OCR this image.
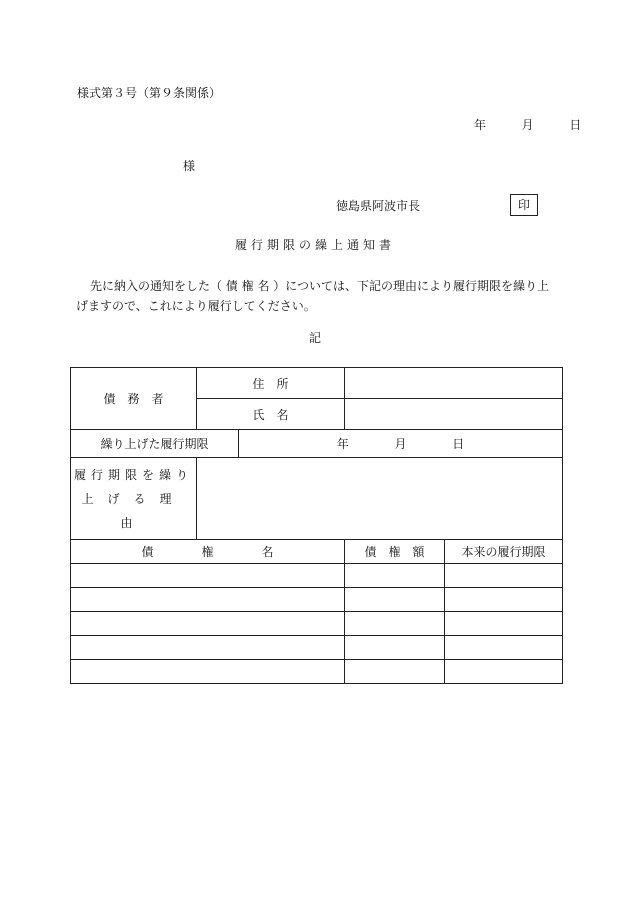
様式第３号（第９条関係）
年	月	日
様
徳島県阿波市長	印
履行期限の繰上通知書
先に納入の通知をした（ 債 権 名 ）については、下記の理由により履行期限を繰り上げますので、これにより履行してください。
記
債　務　者	住　所			
	氏　名			
繰り上げた履行期限		年 月 日		

履行期限を繰り
上げる理由				

債　　　　権　　　　名			債　権　額	本来の履行期限
